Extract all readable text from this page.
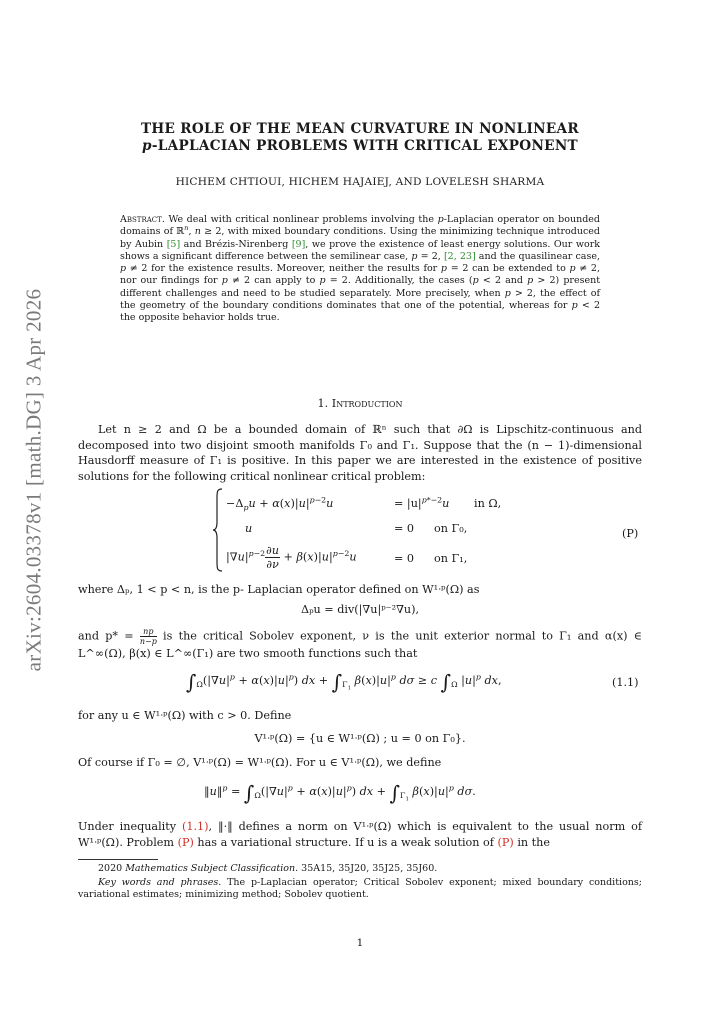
arXiv:2604.03378v1 [math.DG] 3 Apr 2026
THE ROLE OF THE MEAN CURVATURE IN NONLINEAR
p-LAPLACIAN PROBLEMS WITH CRITICAL EXPONENT
HICHEM CHTIOUI, HICHEM HAJAIEJ, AND LOVELESH SHARMA
Abstract. We deal with critical nonlinear problems involving the p-Laplacian operator on bounded domains of ℝ$^n$, n ≥ 2, with mixed boundary conditions. Using the minimizing technique introduced by Aubin [5] and Brézis-Nirenberg [9], we prove the existence of least energy solutions. Our work shows a significant difference between the semilinear case, p = 2, [2, 23] and the quasilinear case, p ≠ 2 for the existence results. Moreover, neither the results for p = 2 can be extended to p ≠ 2, nor our findings for p ≠ 2 can apply to p = 2. Additionally, the cases (p < 2 and p > 2) present different challenges and need to be studied separately. More precisely, when p > 2, the effect of the geometry of the boundary conditions dominates that one of the potential, whereas for p < 2 the opposite behavior holds true.
1. Introduction
Let n ≥ 2 and Ω be a bounded domain of ℝⁿ such that ∂Ω is Lipschitz-continuous and decomposed into two disjoint smooth manifolds Γ₀ and Γ₁. Suppose that the (n − 1)-dimensional Hausdorff measure of Γ₁ is positive. In this paper we are interested in the existence of positive solutions for the following critical nonlinear critical problem:
$-\Delta_pu + \alpha(x)|u|^{p-2}u$	= $|u|^{p*-2}u$ in Ω,
u	= 0 on Γ₀,
$|\nabla u|^{p-2} \frac{\partial u}{\partial\nu} + \beta(x)|u|^{p-2}u$	= 0 on Γ₁,
(P)
where Δₚ, 1 < p < n, is the p- Laplacian operator defined on W¹ᐧᵖ(Ω) as
Δₚu = div(|∇u|ᵖ⁻²∇u),
and $p* = \frac{np}{n-p}$ is the critical Sobolev exponent, ν is the unit exterior normal to Γ₁ and α(x) ∈ L^∞(Ω), β(x) ∈ L^∞(Γ₁) are two smooth functions such that
$\int_\Omega(|\nabla u|^p + \alpha(x)|u|^p)$ dx + $\int_{\Gamma_1}$ $\beta(x)|u|^p$ dσ ≥ c $\int_\Omega$ $|u|^p$ dx,	(1.1)
for any u ∈ W¹ᐧᵖ(Ω) with c > 0. Define
V¹ᐧᵖ(Ω) = {u ∈ W¹ᐧᵖ(Ω) ; u = 0 on Γ₀}.
Of course if Γ₀ = ∅, V¹ᐧᵖ(Ω) = W¹ᐧᵖ(Ω). For u ∈ V¹ᐧᵖ(Ω), we define
‖u‖$^p$ = $\int_\Omega(|\nabla u|^p + \alpha(x)|u|^p)$ dx + $\int_{\Gamma_1}$ $\beta(x)|u|^p$ dσ.
Under inequality (1.1), ‖·‖ defines a norm on V¹ᐧᵖ(Ω) which is equivalent to the usual norm of W¹ᐧᵖ(Ω). Problem (P) has a variational structure. If u is a weak solution of (P) in the
2020 Mathematics Subject Classification. 35A15, 35J20, 35J25, 35J60.
Key words and phrases. The p-Laplacian operator; Critical Sobolev exponent; mixed boundary conditions; variational estimates; minimizing method; Sobolev quotient.
1
